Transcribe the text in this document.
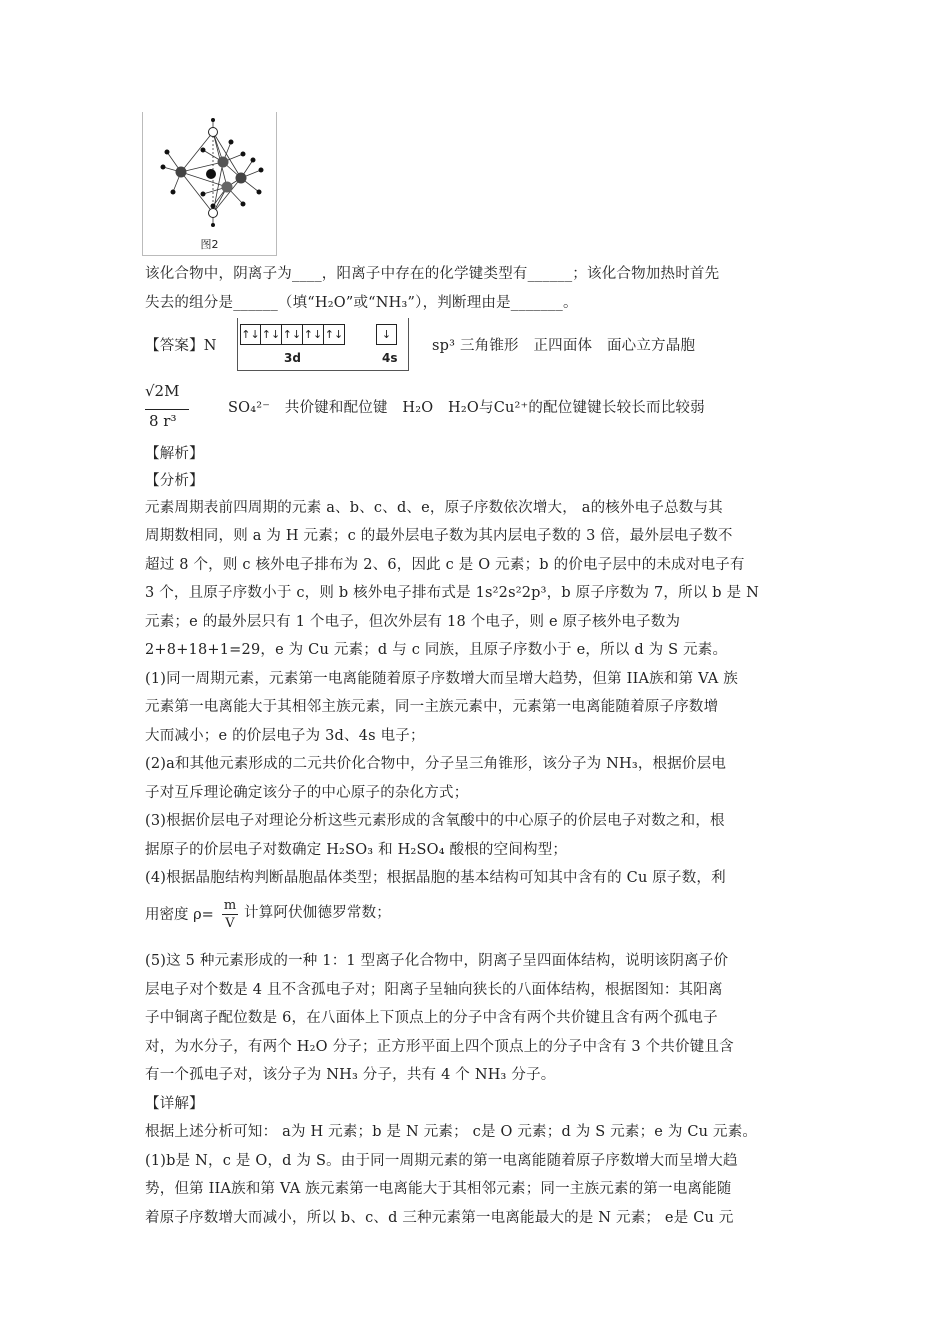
图2
该化合物中，阴离子为____，阳离子中存在的化学键类型有______；该化合物加热时首先
失去的组分是______（填“H₂O”或“NH₃”），判断理由是_______。
【答案】N
↑↓ ↑↓ ↑↓ ↑↓ ↑↓	↓
3d	4s
sp³ 三角锥形　正四面体　面心立方晶胞
√2M
8 r³
SO₄²⁻　共价键和配位键　H₂O　H₂O与Cu²⁺的配位键键长较长而比较弱
【解析】
【分析】
元素周期表前四周期的元素 a、b、c、d、e，原子序数依次增大， a的核外电子总数与其
周期数相同，则 a 为 H 元素；c 的最外层电子数为其内层电子数的 3 倍，最外层电子数不
超过 8 个，则 c 核外电子排布为 2、6，因此 c 是 O 元素；b 的价电子层中的未成对电子有
3 个，且原子序数小于 c，则 b 核外电子排布式是 1s²2s²2p³，b 原子序数为 7，所以 b 是 N
元素；e 的最外层只有 1 个电子，但次外层有 18 个电子，则 e 原子核外电子数为
2+8+18+1=29，e 为 Cu 元素；d 与 c 同族，且原子序数小于 e，所以 d 为 S 元素。
(1)同一周期元素，元素第一电离能随着原子序数增大而呈增大趋势，但第 IIA族和第 VA 族
元素第一电离能大于其相邻主族元素，同一主族元素中，元素第一电离能随着原子序数增
大而减小；e 的价层电子为 3d、4s 电子；
(2)a和其他元素形成的二元共价化合物中，分子呈三角锥形，该分子为 NH₃，根据价层电
子对互斥理论确定该分子的中心原子的杂化方式；
(3)根据价层电子对理论分析这些元素形成的含氧酸中的中心原子的价层电子对数之和，根
据原子的价层电子对数确定 H₂SO₃ 和 H₂SO₄ 酸根的空间构型；
(4)根据晶胞结构判断晶胞晶体类型；根据晶胞的基本结构可知其中含有的 Cu 原子数，利
用密度 ρ=
m
V
计算阿伏伽德罗常数；
(5)这 5 种元素形成的一种 1：1 型离子化合物中，阴离子呈四面体结构，说明该阴离子价
层电子对个数是 4 且不含孤电子对；阳离子呈轴向狭长的八面体结构，根据图知：其阳离
子中铜离子配位数是 6，在八面体上下顶点上的分子中含有两个共价键且含有两个孤电子
对，为水分子，有两个 H₂O 分子；正方形平面上四个顶点上的分子中含有 3 个共价键且含
有一个孤电子对，该分子为 NH₃ 分子，共有 4 个 NH₃ 分子。
【详解】
根据上述分析可知： a为 H 元素；b 是 N 元素； c是 O 元素；d 为 S 元素；e 为 Cu 元素。
(1)b是 N，c 是 O，d 为 S。由于同一周期元素的第一电离能随着原子序数增大而呈增大趋
势，但第 IIA族和第 VA 族元素第一电离能大于其相邻元素；同一主族元素的第一电离能随
着原子序数增大而减小，所以 b、c、d 三种元素第一电离能最大的是 N 元素； e是 Cu 元
